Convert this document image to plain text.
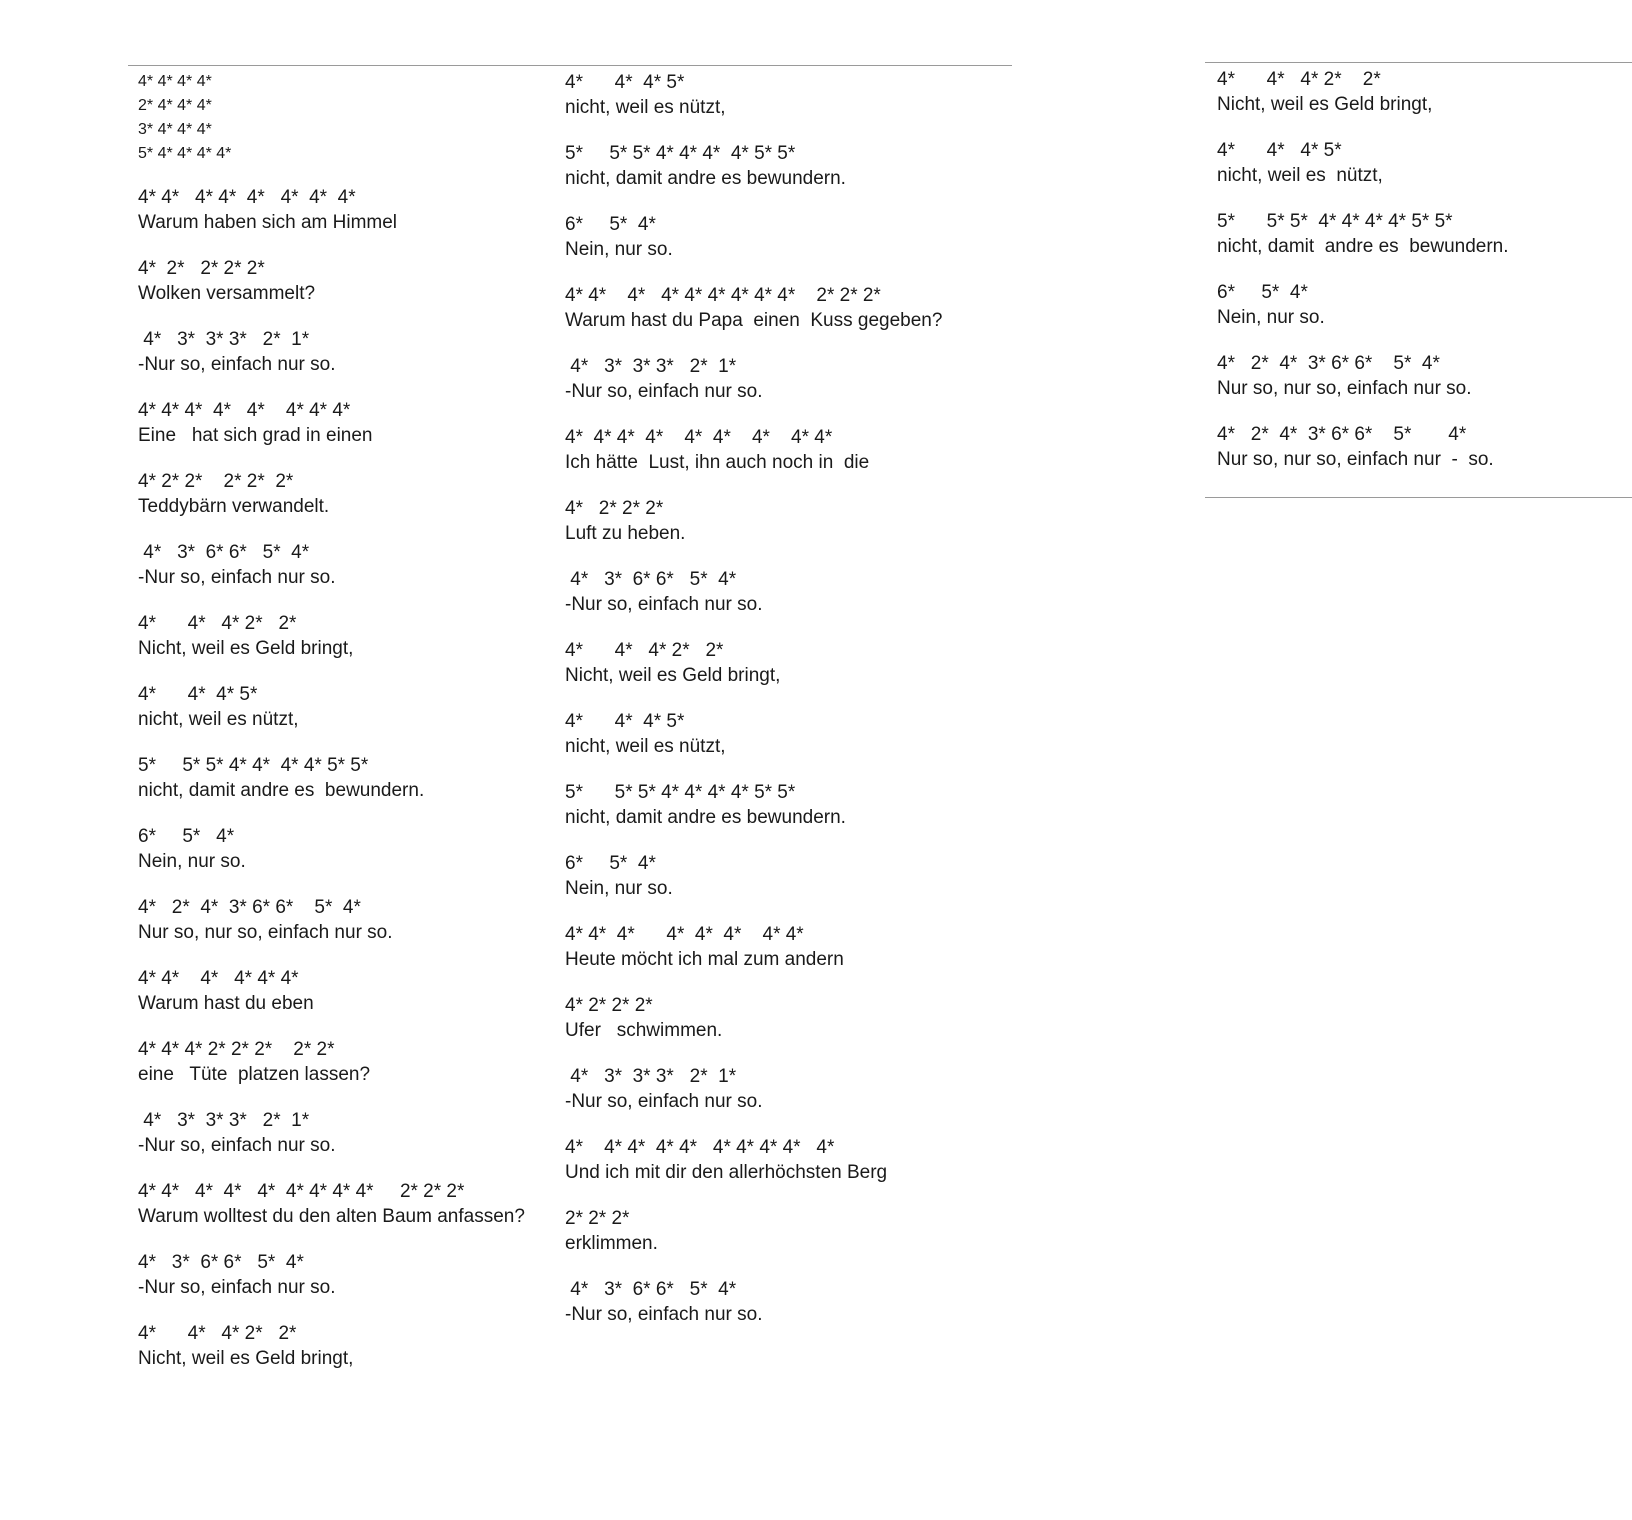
4* 4* 4* 4*
2* 4* 4* 4*
3* 4* 4* 4*
5* 4* 4* 4* 4*
4* 4*   4* 4*  4*   4*  4*  4*
Warum haben sich am Himmel
4*  2*   2* 2* 2*
Wolken versammelt?
4*   3*  3* 3*   2*  1*
-Nur so, einfach nur so.
4* 4* 4*  4*   4*    4* 4* 4*
Eine   hat sich grad in einen
4* 2* 2*    2* 2*  2*
Teddybärn verwandelt.
4*   3*  6* 6*   5*  4*
-Nur so, einfach nur so.
4*      4*   4* 2*   2*
Nicht, weil es Geld bringt,
4*      4*  4* 5*
nicht, weil es nützt,
5*     5* 5* 4* 4*  4* 4* 5* 5*
nicht, damit andre es  bewundern.
6*     5*   4*
Nein, nur so.
4*   2*  4*  3* 6* 6*    5*  4*
Nur so, nur so, einfach nur so.
4* 4*    4*   4* 4* 4*
Warum hast du eben
4* 4* 4* 2* 2* 2*    2* 2*
eine   Tüte  platzen lassen?
4*   3*  3* 3*   2*  1*
-Nur so, einfach nur so.
4* 4*   4*  4*   4*  4* 4* 4* 4*     2* 2* 2*
Warum wolltest du den alten Baum anfassen?
4*   3*  6* 6*   5*  4*
-Nur so, einfach nur so.
4*      4*   4* 2*   2*
Nicht, weil es Geld bringt,
4*      4*  4* 5*
nicht, weil es nützt,
5*     5* 5* 4* 4* 4*  4* 5* 5*
nicht, damit andre es bewundern.
6*     5*  4*
Nein, nur so.
4* 4*    4*   4* 4* 4* 4* 4* 4*    2* 2* 2*
Warum hast du Papa  einen  Kuss gegeben?
4*   3*  3* 3*   2*  1*
-Nur so, einfach nur so.
4*  4* 4*  4*    4*  4*    4*    4* 4*
Ich hätte  Lust, ihn auch noch in  die
4*   2* 2* 2*
Luft zu heben.
4*   3*  6* 6*   5*  4*
-Nur so, einfach nur so.
4*      4*   4* 2*   2*
Nicht, weil es Geld bringt,
4*      4*  4* 5*
nicht, weil es nützt,
5*      5* 5* 4* 4* 4* 4* 5* 5*
nicht, damit andre es bewundern.
6*     5*  4*
Nein, nur so.
4* 4*  4*      4*  4*  4*    4* 4*
Heute möcht ich mal zum andern
4* 2* 2* 2*
Ufer   schwimmen.
4*   3*  3* 3*   2*  1*
-Nur so, einfach nur so.
4*    4* 4*  4* 4*   4* 4* 4* 4*   4*
Und ich mit dir den allerhöchsten Berg
2* 2* 2*
erklimmen.
4*   3*  6* 6*   5*  4*
-Nur so, einfach nur so.
4*      4*   4* 2*    2*
Nicht, weil es Geld bringt,
4*      4*   4* 5*
nicht, weil es  nützt,
5*      5* 5*  4* 4* 4* 4* 5* 5*
nicht, damit  andre es  bewundern.
6*     5*  4*
Nein, nur so.
4*   2*  4*  3* 6* 6*    5*  4*
Nur so, nur so, einfach nur so.
4*   2*  4*  3* 6* 6*    5*       4*
Nur so, nur so, einfach nur  -  so.
